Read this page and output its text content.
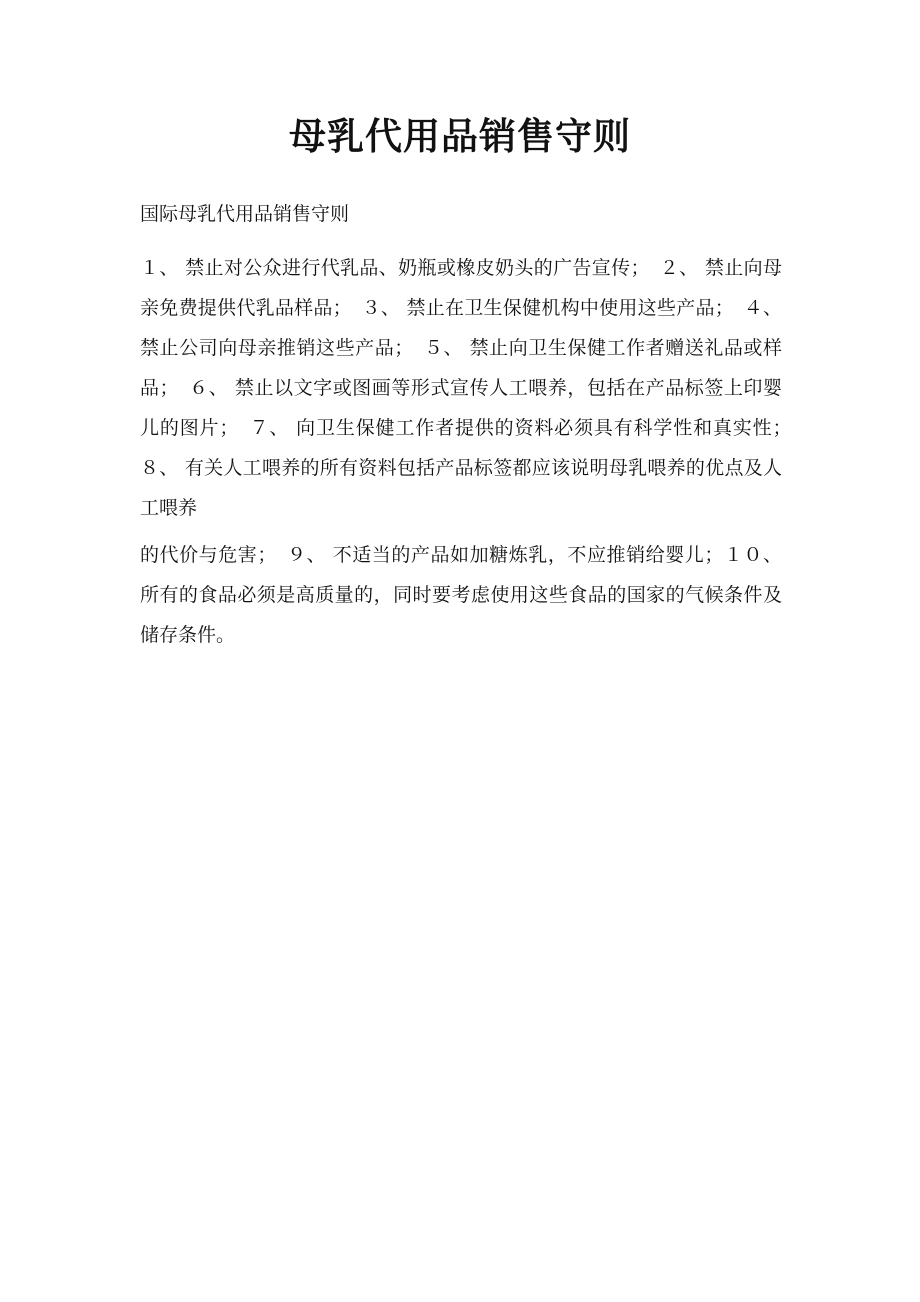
母乳代用品销售守则

国际母乳代用品销售守则

１、 禁止对公众进行代乳品、奶瓶或橡皮奶头的广告宣传；　２、 禁止向母亲免费提供代乳品样品；　３、 禁止在卫生保健机构中使用这些产品；　４、 禁止公司向母亲推销这些产品；　５、 禁止向卫生保健工作者赠送礼品或样品；　６、 禁止以文字或图画等形式宣传人工喂养，包括在产品标签上印婴儿的图片；　７、 向卫生保健工作者提供的资料必须具有科学性和真实性；　８、 有关人工喂养的所有资料包括产品标签都应该说明母乳喂养的优点及人工喂养

的代价与危害；　９、 不适当的产品如加糖炼乳，不应推销给婴儿；１０、所有的食品必须是高质量的，同时要考虑使用这些食品的国家的气候条件及储存条件。
